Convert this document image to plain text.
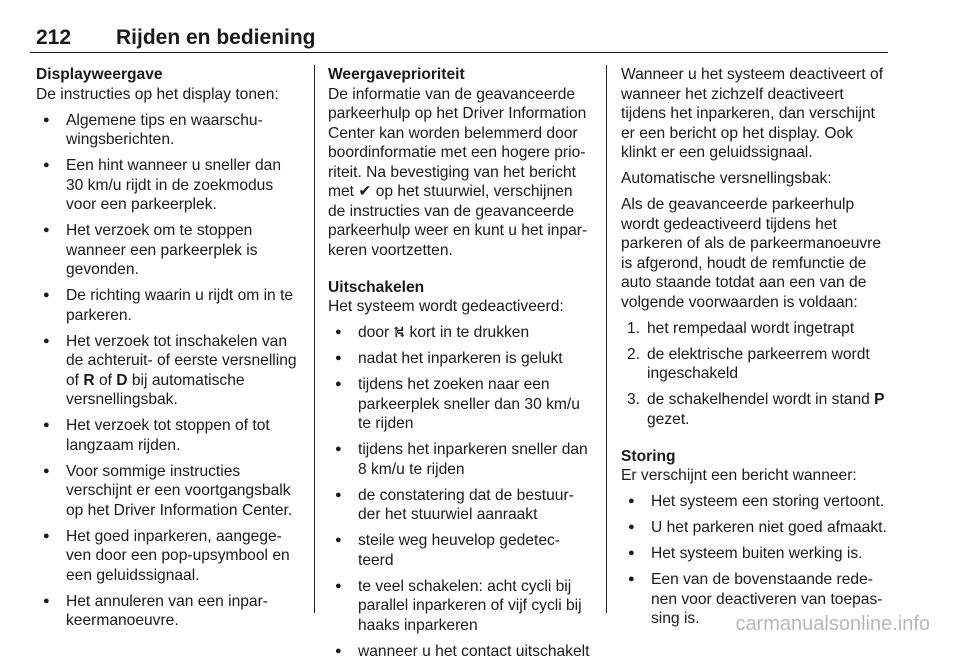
212 Rijden en bediening
Displayweergave

De instructies op het display tonen:

● Algemene tips en waarschu-wingsberichten.
● Een hint wanneer u sneller dan 30 km/u rijdt in de zoekmodus voor een parkeerplek.
● Het verzoek om te stoppen wanneer een parkeerplek is gevonden.
● De richting waarin u rijdt om in te parkeren.
● Het verzoek tot inschakelen van de achteruit- of eerste versnelling of R of D bij automatische versnellingsbak.
● Het verzoek tot stoppen of tot langzaam rijden.
● Voor sommige instructies verschijnt er een voortgangsbalk op het Driver Information Center.
● Het goed inparkeren, aangege-ven door een pop-upsymbool en een geluidssignaal.
● Het annuleren van een inpar-keermanoeuvre.
Weergaveprioriteit

De informatie van de geavanceerde parkeerhulp op het Driver Information Center kan worden belemmerd door boordinformatie met een hogere prio-riteit. Na bevestiging van het bericht met ✔ op het stuurwiel, verschijnen de instructies van de geavanceerde parkeerhulp weer en kunt u het inpar-keren voortzetten.

Uitschakelen

Het systeem wordt gedeactiveerd:

● door ⛕ kort in te drukken
● nadat het inparkeren is gelukt
● tijdens het zoeken naar een parkeerplek sneller dan 30 km/u te rijden
● tijdens het inparkeren sneller dan 8 km/u te rijden
● de constatering dat de bestuur-der het stuurwiel aanraakt
● steile weg heuvelop gedetec-teerd
● te veel schakelen: acht cycli bij parallel inparkeren of vijf cycli bij haaks inparkeren
● wanneer u het contact uitschakelt

Wanneer u het systeem deactiveert of wanneer het zichzelf deactiveert tijdens het inparkeren, dan verschijnt er een bericht op het display. Ook klinkt er een geluidssignaal.

Automatische versnellingsbak:

Als de geavanceerde parkeerhulp wordt gedeactiveerd tijdens het parkeren of als de parkeermanoeuvre is afgerond, houdt de remfunctie de auto staande totdat aan een van de volgende voorwaarden is voldaan:

1. het rempedaal wordt ingetrapt
2. de elektrische parkeerrem wordt ingeschakeld
3. de schakelhendel wordt in stand P gezet.
Storing

Er verschijnt een bericht wanneer:

● Het systeem een storing vertoont.
● U het parkeren niet goed afmaakt.
● Het systeem buiten werking is.
● Een van de bovenstaande rede-nen voor deactiveren van toepas-sing is.	carmanualsonline.info
